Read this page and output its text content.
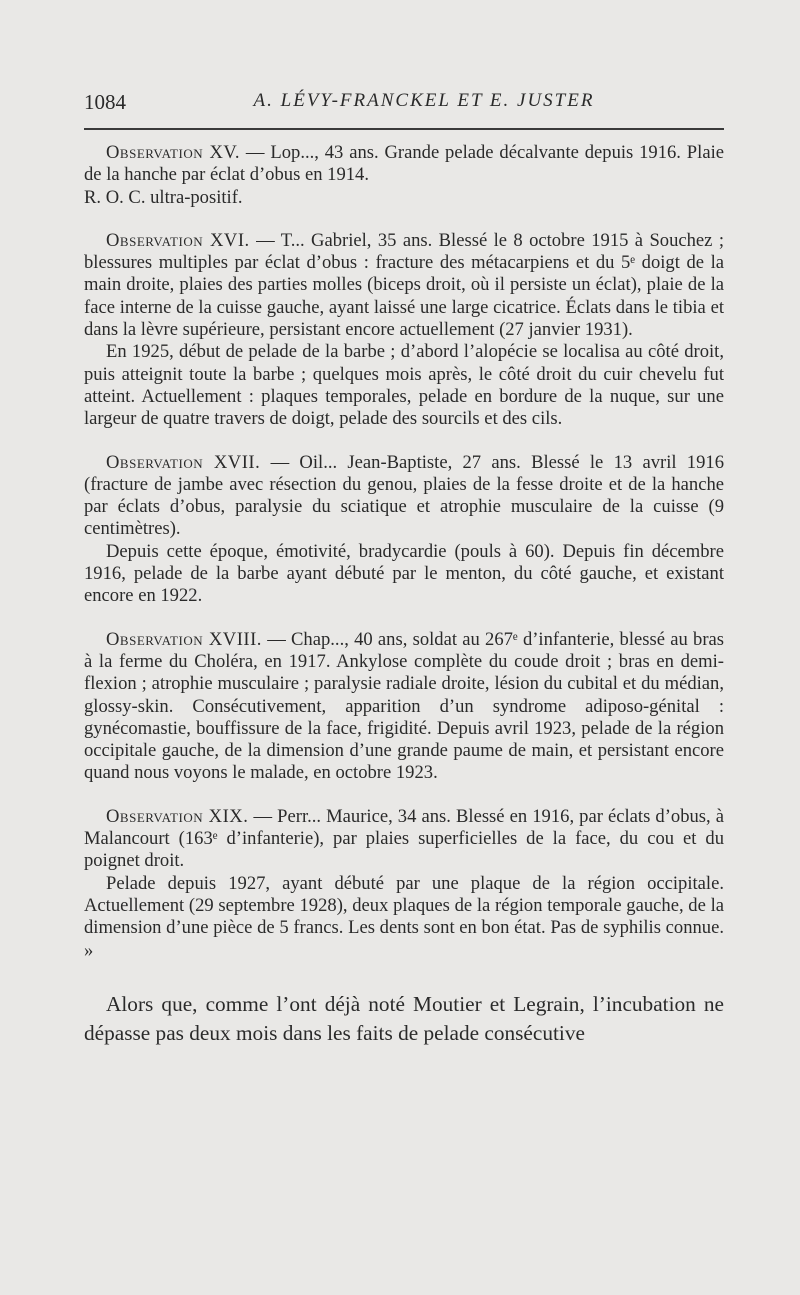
1084	A. LÉVY-FRANCKEL ET E. JUSTER

Observation XV. — Lop..., 43 ans. Grande pelade décalvante depuis 1916. Plaie de la hanche par éclat d’obus en 1914.

R. O. C. ultra-positif.

Observation XVI. — T... Gabriel, 35 ans. Blessé le 8 octobre 1915 à Souchez ; blessures multiples par éclat d’obus : fracture des métacarpiens et du 5ᵉ doigt de la main droite, plaies des parties molles (biceps droit, où il persiste un éclat), plaie de la face interne de la cuisse gauche, ayant laissé une large cicatrice. Éclats dans le tibia et dans la lèvre supérieure, persistant encore actuellement (27 janvier 1931).

En 1925, début de pelade de la barbe ; d’abord l’alopécie se localisa au côté droit, puis atteignit toute la barbe ; quelques mois après, le côté droit du cuir chevelu fut atteint. Actuellement : plaques temporales, pelade en bordure de la nuque, sur une largeur de quatre travers de doigt, pelade des sourcils et des cils.

Observation XVII. — Oil... Jean-Baptiste, 27 ans. Blessé le 13 avril 1916 (fracture de jambe avec résection du genou, plaies de la fesse droite et de la hanche par éclats d’obus, paralysie du sciatique et atrophie musculaire de la cuisse (9 centimètres).

Depuis cette époque, émotivité, bradycardie (pouls à 60). Depuis fin décembre 1916, pelade de la barbe ayant débuté par le menton, du côté gauche, et existant encore en 1922.

Observation XVIII. — Chap..., 40 ans, soldat au 267ᵉ d’infanterie, blessé au bras à la ferme du Choléra, en 1917. Ankylose complète du coude droit ; bras en demi-flexion ; atrophie musculaire ; paralysie radiale droite, lésion du cubital et du médian, glossy-skin. Consécutivement, apparition d’un syndrome adiposo-génital : gynécomastie, bouffissure de la face, frigidité. Depuis avril 1923, pelade de la région occipitale gauche, de la dimension d’une grande paume de main, et persistant encore quand nous voyons le malade, en octobre 1923.

Observation XIX. — Perr... Maurice, 34 ans. Blessé en 1916, par éclats d’obus, à Malancourt (163ᵉ d’infanterie), par plaies superficielles de la face, du cou et du poignet droit.

Pelade depuis 1927, ayant débuté par une plaque de la région occipitale. Actuellement (29 septembre 1928), deux plaques de la région temporale gauche, de la dimension d’une pièce de 5 francs. Les dents sont en bon état. Pas de syphilis connue. »

Alors que, comme l’ont déjà noté Moutier et Legrain, l’incubation ne dépasse pas deux mois dans les faits de pelade consécutive
